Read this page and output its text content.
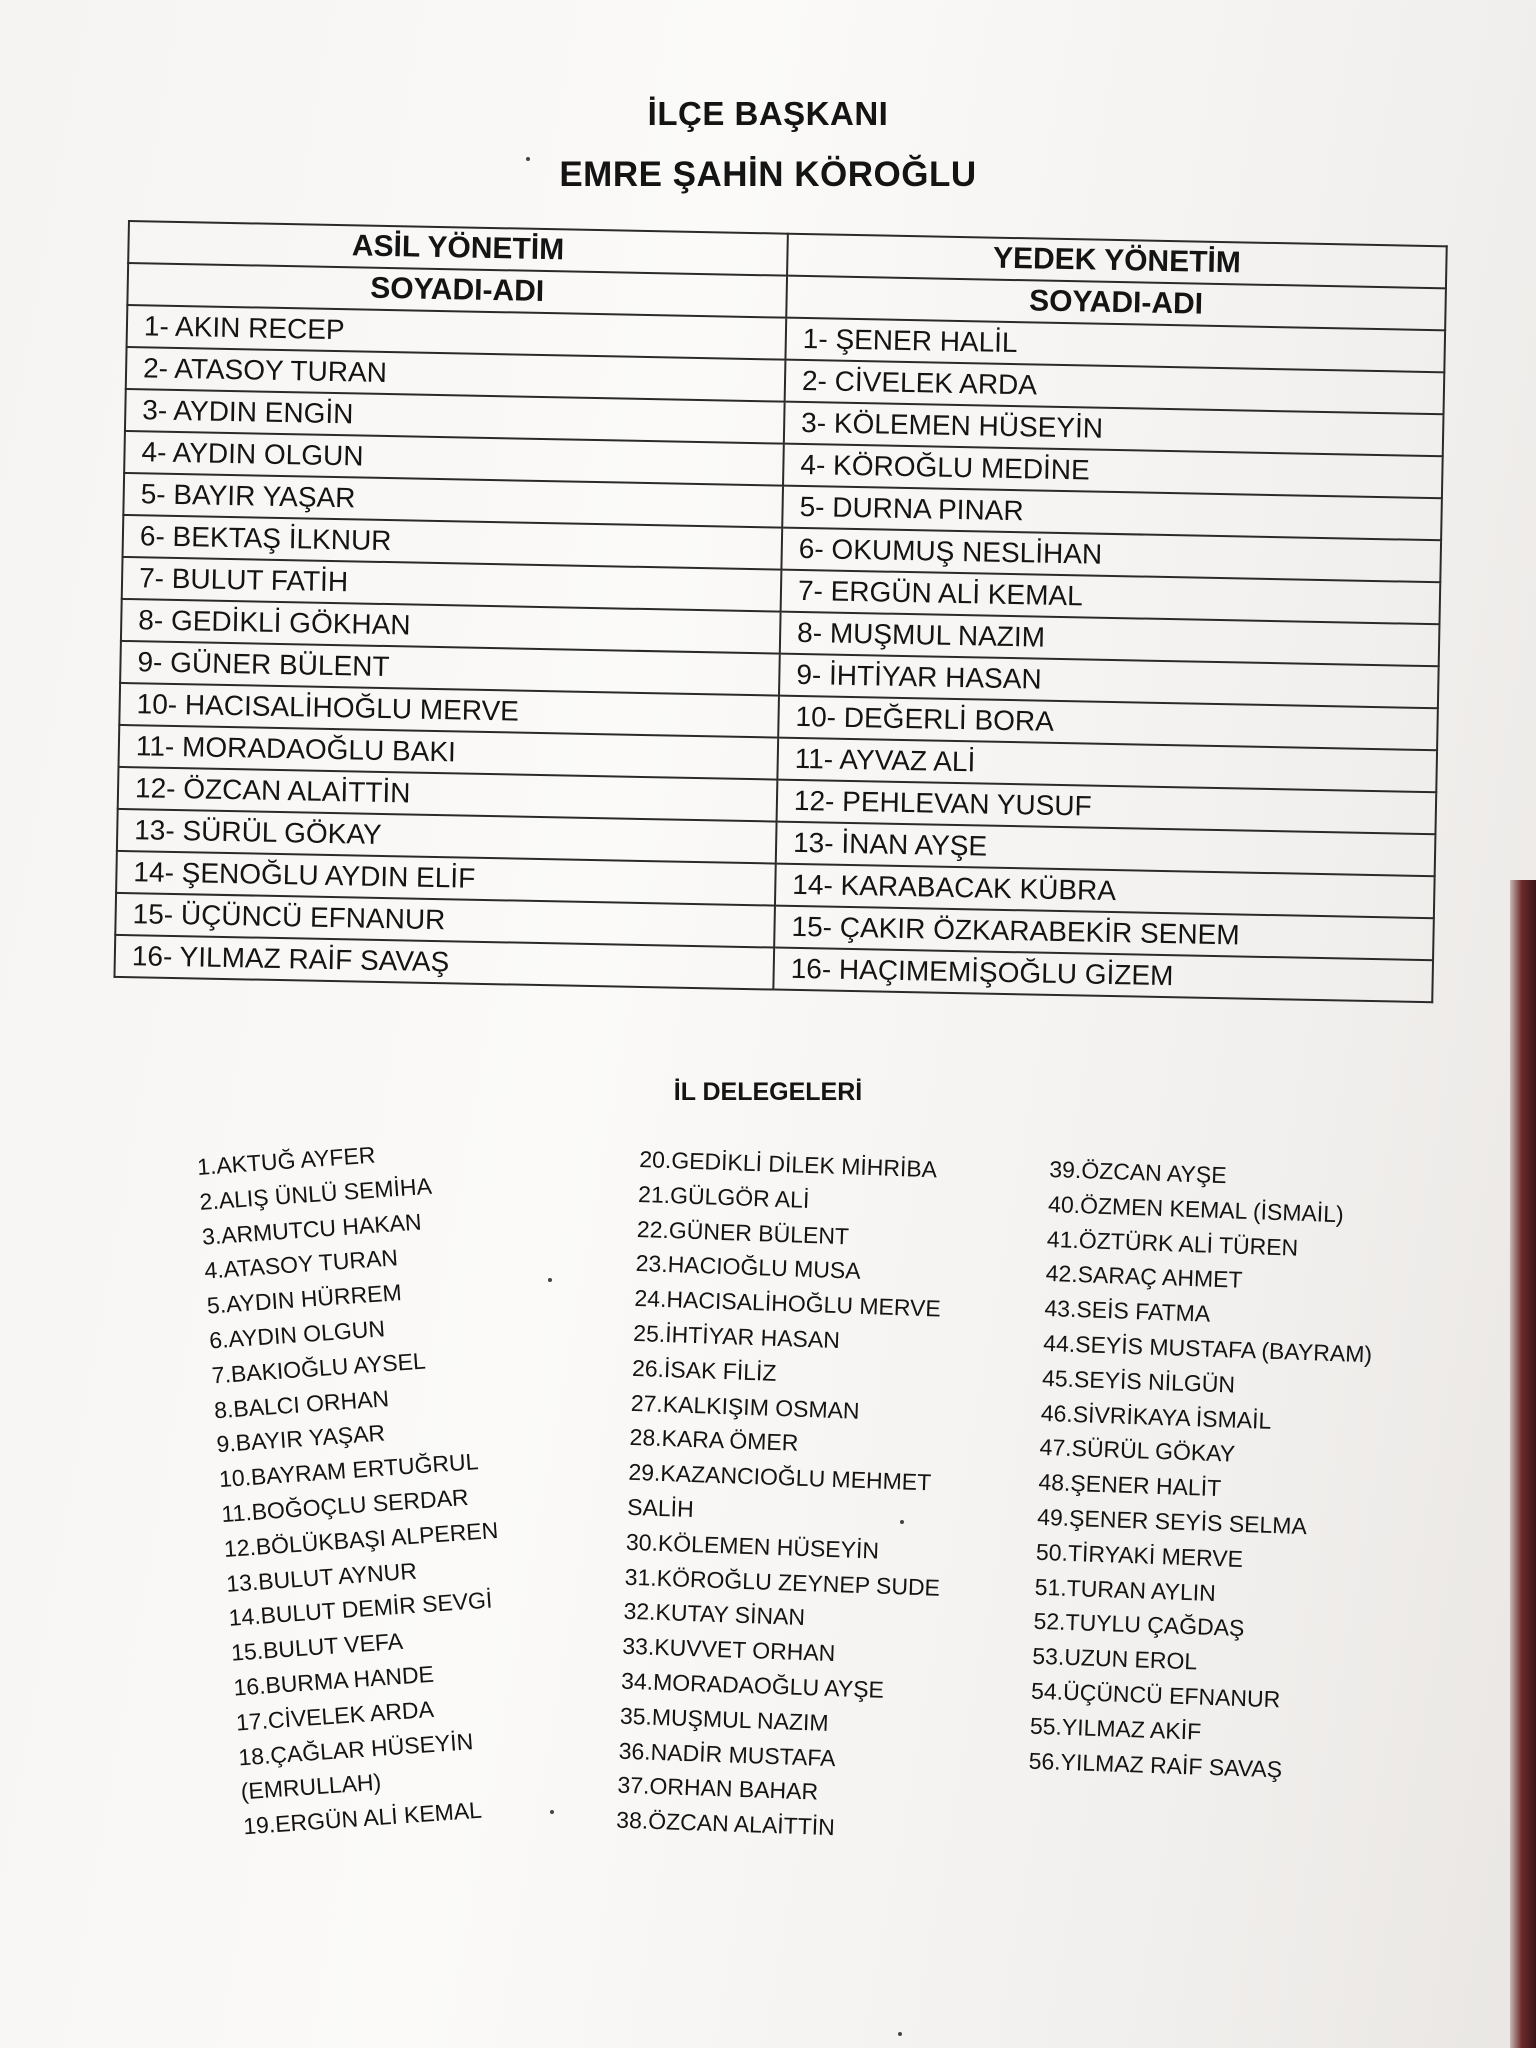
İLÇE BAŞKANI
EMRE ŞAHİN KÖROĞLU
ASİL YÖNETİM	YEDEK YÖNETİM
SOYADI-ADI	SOYADI-ADI
1- AKIN RECEP	1- ŞENER HALİL
2- ATASOY TURAN	2- CİVELEK ARDA
3- AYDIN ENGİN	3- KÖLEMEN HÜSEYİN
4- AYDIN OLGUN	4- KÖROĞLU MEDİNE
5- BAYIR YAŞAR	5- DURNA PINAR
6- BEKTAŞ İLKNUR	6- OKUMUŞ NESLİHAN
7- BULUT FATİH	7- ERGÜN ALİ KEMAL
8- GEDİKLİ GÖKHAN	8- MUŞMUL NAZIM
9- GÜNER BÜLENT	9- İHTİYAR HASAN
10- HACISALİHOĞLU MERVE	10- DEĞERLİ BORA
11- MORADAOĞLU BAKI	11- AYVAZ ALİ
12- ÖZCAN ALAİTTİN	12- PEHLEVAN YUSUF
13- SÜRÜL GÖKAY	13- İNAN AYŞE
14- ŞENOĞLU AYDIN ELİF	14- KARABACAK KÜBRA
15- ÜÇÜNCÜ EFNANUR	15- ÇAKIR ÖZKARABEKİR SENEM
16- YILMAZ RAİF SAVAŞ	16- HAÇIMEMİŞOĞLU GİZEM
İL DELEGELERİ
1.AKTUĞ AYFER
2.ALIŞ ÜNLÜ SEMİHA
3.ARMUTCU HAKAN
4.ATASOY TURAN
5.AYDIN HÜRREM
6.AYDIN OLGUN
7.BAKIOĞLU AYSEL
8.BALCI ORHAN
9.BAYIR YAŞAR
10.BAYRAM ERTUĞRUL
11.BOĞOÇLU SERDAR
12.BÖLÜKBAŞI ALPEREN
13.BULUT AYNUR
14.BULUT DEMİR SEVGİ
15.BULUT VEFA
16.BURMA HANDE
17.CİVELEK ARDA
18.ÇAĞLAR HÜSEYİN
(EMRULLAH)
19.ERGÜN ALİ KEMAL
20.GEDİKLİ DİLEK MİHRİBA
21.GÜLGÖR ALİ
22.GÜNER BÜLENT
23.HACIOĞLU MUSA
24.HACISALİHOĞLU MERVE
25.İHTİYAR HASAN
26.İSAK FİLİZ
27.KALKIŞIM OSMAN
28.KARA ÖMER
29.KAZANCIOĞLU MEHMET
SALİH
30.KÖLEMEN HÜSEYİN
31.KÖROĞLU ZEYNEP SUDE
32.KUTAY SİNAN
33.KUVVET ORHAN
34.MORADAOĞLU AYŞE
35.MUŞMUL NAZIM
36.NADİR MUSTAFA
37.ORHAN BAHAR
38.ÖZCAN ALAİTTİN
39.ÖZCAN AYŞE
40.ÖZMEN KEMAL (İSMAİL)
41.ÖZTÜRK ALİ TÜREN
42.SARAÇ AHMET
43.SEİS FATMA
44.SEYİS MUSTAFA (BAYRAM)
45.SEYİS NİLGÜN
46.SİVRİKAYA İSMAİL
47.SÜRÜL GÖKAY
48.ŞENER HALİT
49.ŞENER SEYİS SELMA
50.TİRYAKİ MERVE
51.TURAN AYLIN
52.TUYLU ÇAĞDAŞ
53.UZUN EROL
54.ÜÇÜNCÜ EFNANUR
55.YILMAZ AKİF
56.YILMAZ RAİF SAVAŞ
